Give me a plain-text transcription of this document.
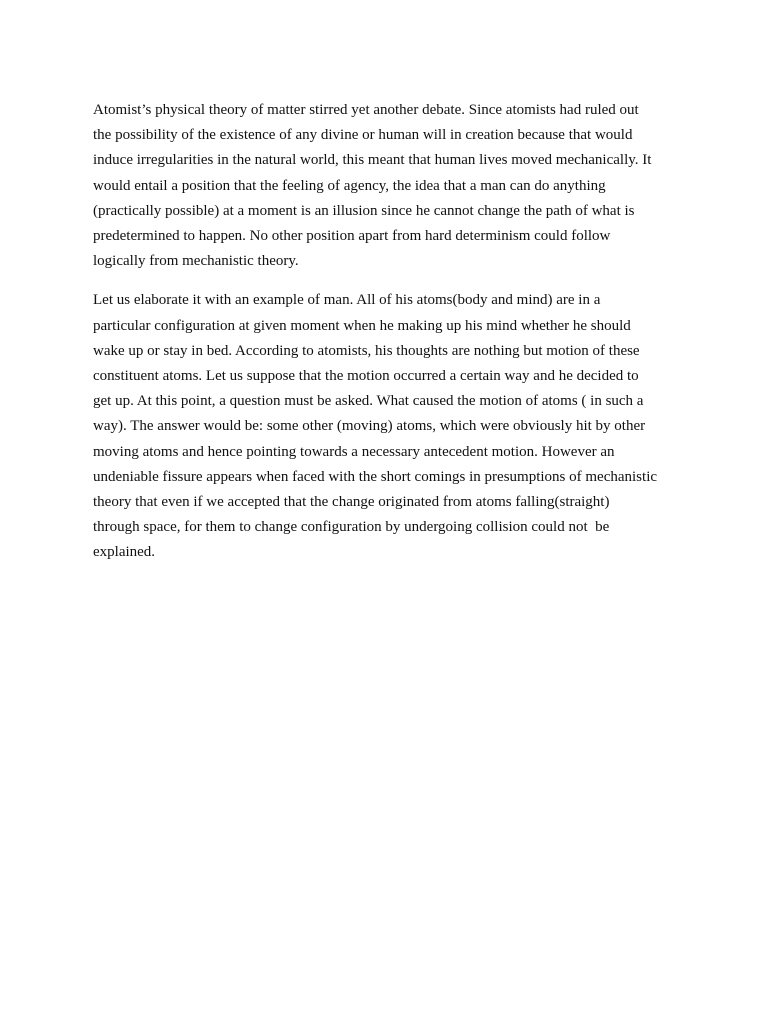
Atomist’s physical theory of matter stirred yet another debate. Since atomists had ruled out
the possibility of the existence of any divine or human will in creation because that would
induce irregularities in the natural world, this meant that human lives moved mechanically. It
would entail a position that the feeling of agency, the idea that a man can do anything
(practically possible) at a moment is an illusion since he cannot change the path of what is
predetermined to happen. No other position apart from hard determinism could follow
logically from mechanistic theory.

Let us elaborate it with an example of man. All of his atoms(body and mind) are in a
particular configuration at given moment when he making up his mind whether he should
wake up or stay in bed. According to atomists, his thoughts are nothing but motion of these
constituent atoms. Let us suppose that the motion occurred a certain way and he decided to
get up. At this point, a question must be asked. What caused the motion of atoms ( in such a
way). The answer would be: some other (moving) atoms, which were obviously hit by other
moving atoms and hence pointing towards a necessary antecedent motion. However an
undeniable fissure appears when faced with the short comings in presumptions of mechanistic
theory that even if we accepted that the change originated from atoms falling(straight)
through space, for them to change configuration by undergoing collision could not  be
explained.
